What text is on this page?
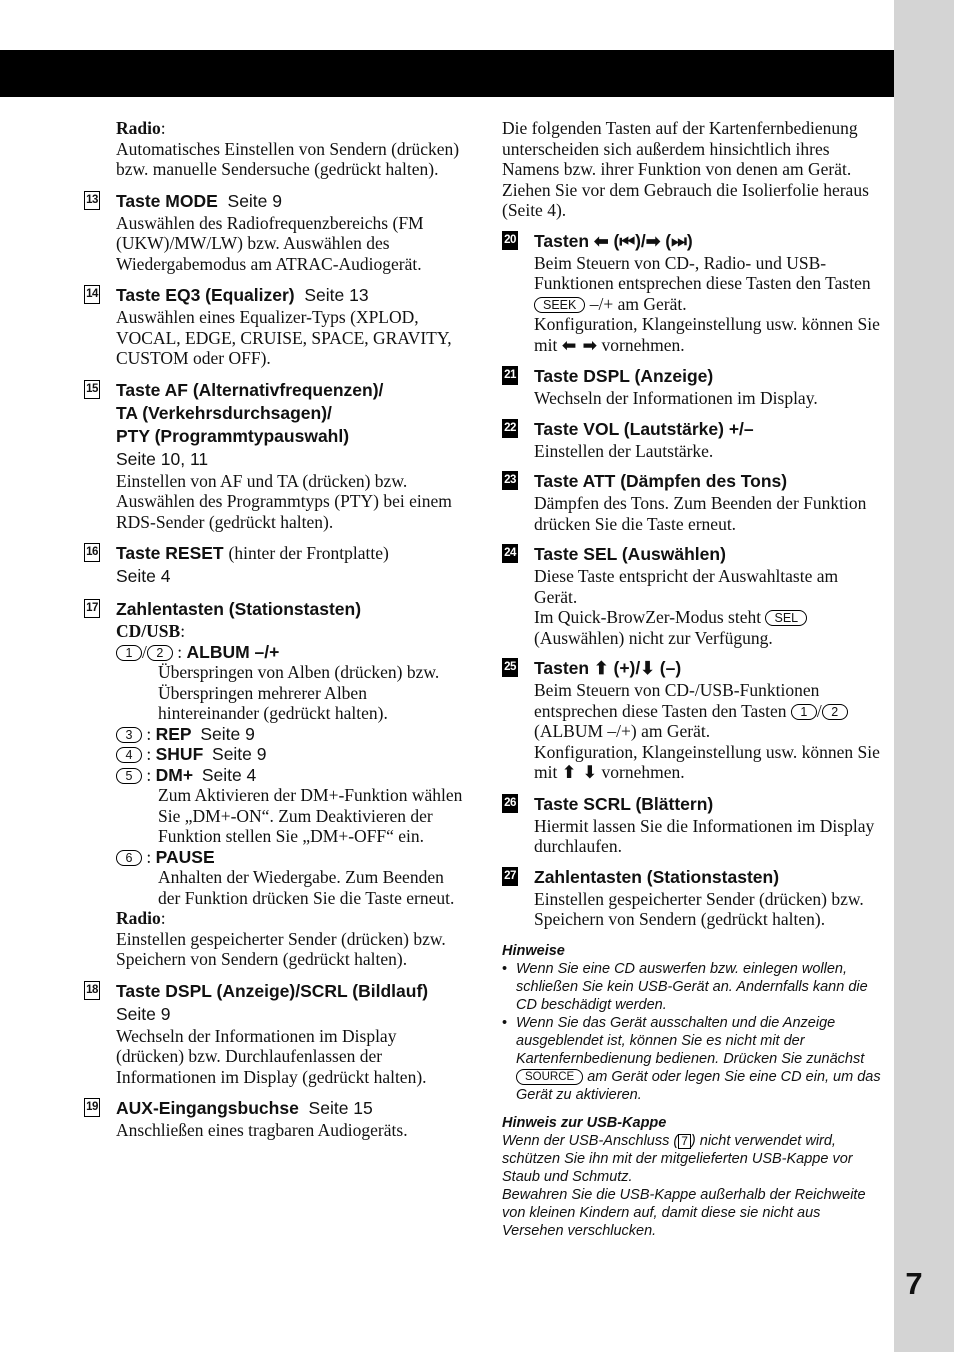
7
Radio:
Automatisches Einstellen von Sendern (drücken) bzw. manuelle Sendersuche (gedrückt halten).
13 Taste MODE Seite 9
Auswählen des Radiofrequenzbereichs (FM (UKW)/MW/LW) bzw. Auswählen des Wiedergabemodus am ATRAC-Audiogerät.
14 Taste EQ3 (Equalizer) Seite 13
Auswählen eines Equalizer-Typs (XPLOD, VOCAL, EDGE, CRUISE, SPACE, GRAVITY, CUSTOM oder OFF).
15 Taste AF (Alternativfrequenzen)/
TA (Verkehrsdurchsagen)/
PTY (Programmtypauswahl)
Seite 10, 11
Einstellen von AF und TA (drücken) bzw. Auswählen des Programmtyps (PTY) bei einem RDS-Sender (gedrückt halten).
16 Taste RESET (hinter der Frontplatte)
Seite 4
17 Zahlentasten (Stationstasten)
CD/USB:
1 / 2 : ALBUM –/+
Überspringen von Alben (drücken) bzw. Überspringen mehrerer Alben hintereinander (gedrückt halten).
3 : REP Seite 9
4 : SHUF Seite 9
5 : DM+ Seite 4
Zum Aktivieren der DM+-Funktion wählen Sie „DM+-ON“. Zum Deaktivieren der Funktion stellen Sie „DM+-OFF“ ein.
6 : PAUSE
Anhalten der Wiedergabe. Zum Beenden der Funktion drücken Sie die Taste erneut.
Radio:
Einstellen gespeicherter Sender (drücken) bzw. Speichern von Sendern (gedrückt halten).
18 Taste DSPL (Anzeige)/SCRL (Bildlauf)
Seite 9
Wechseln der Informationen im Display (drücken) bzw. Durchlaufenlassen der Informationen im Display (gedrückt halten).
19 AUX-Eingangsbuchse Seite 15
Anschließen eines tragbaren Audiogeräts.
Die folgenden Tasten auf der Kartenfernbedienung unterscheiden sich außerdem hinsichtlich ihres Namens bzw. ihrer Funktion von denen am Gerät. Ziehen Sie vor dem Gebrauch die Isolierfolie heraus (Seite 4).
20 Tasten ⬅ (⏮)/➡ (⏭)
Beim Steuern von CD-, Radio- und USB-Funktionen entsprechen diese Tasten den Tasten SEEK –/+ am Gerät.
Konfiguration, Klangeinstellung usw. können Sie mit ⬅ ➡ vornehmen.
21 Taste DSPL (Anzeige)
Wechseln der Informationen im Display.
22 Taste VOL (Lautstärke) +/–
Einstellen der Lautstärke.
23 Taste ATT (Dämpfen des Tons)
Dämpfen des Tons. Zum Beenden der Funktion drücken Sie die Taste erneut.
24 Taste SEL (Auswählen)
Diese Taste entspricht der Auswahltaste am Gerät.
Im Quick-BrowZer-Modus steht SEL (Auswählen) nicht zur Verfügung.
25 Tasten ⬆ (+)/⬇ (–)
Beim Steuern von CD-/USB-Funktionen entsprechen diese Tasten den Tasten 1 / 2 (ALBUM –/+) am Gerät.
Konfiguration, Klangeinstellung usw. können Sie mit ⬆ ⬇ vornehmen.
26 Taste SCRL (Blättern)
Hiermit lassen Sie die Informationen im Display durchlaufen.
27 Zahlentasten (Stationstasten)
Einstellen gespeicherter Sender (drücken) bzw. Speichern von Sendern (gedrückt halten).
Hinweise
• Wenn Sie eine CD auswerfen bzw. einlegen wollen, schließen Sie kein USB-Gerät an. Andernfalls kann die CD beschädigt werden.
• Wenn Sie das Gerät ausschalten und die Anzeige ausgeblendet ist, können Sie es nicht mit der Kartenfernbedienung bedienen. Drücken Sie zunächst SOURCE am Gerät oder legen Sie eine CD ein, um das Gerät zu aktivieren.
Hinweis zur USB-Kappe

Wenn der USB-Anschluss ( 7 ) nicht verwendet wird, schützen Sie ihn mit der mitgelieferten USB-Kappe vor Staub und Schmutz.

Bewahren Sie die USB-Kappe außerhalb der Reichweite von kleinen Kindern auf, damit diese sie nicht aus Versehen verschlucken.
